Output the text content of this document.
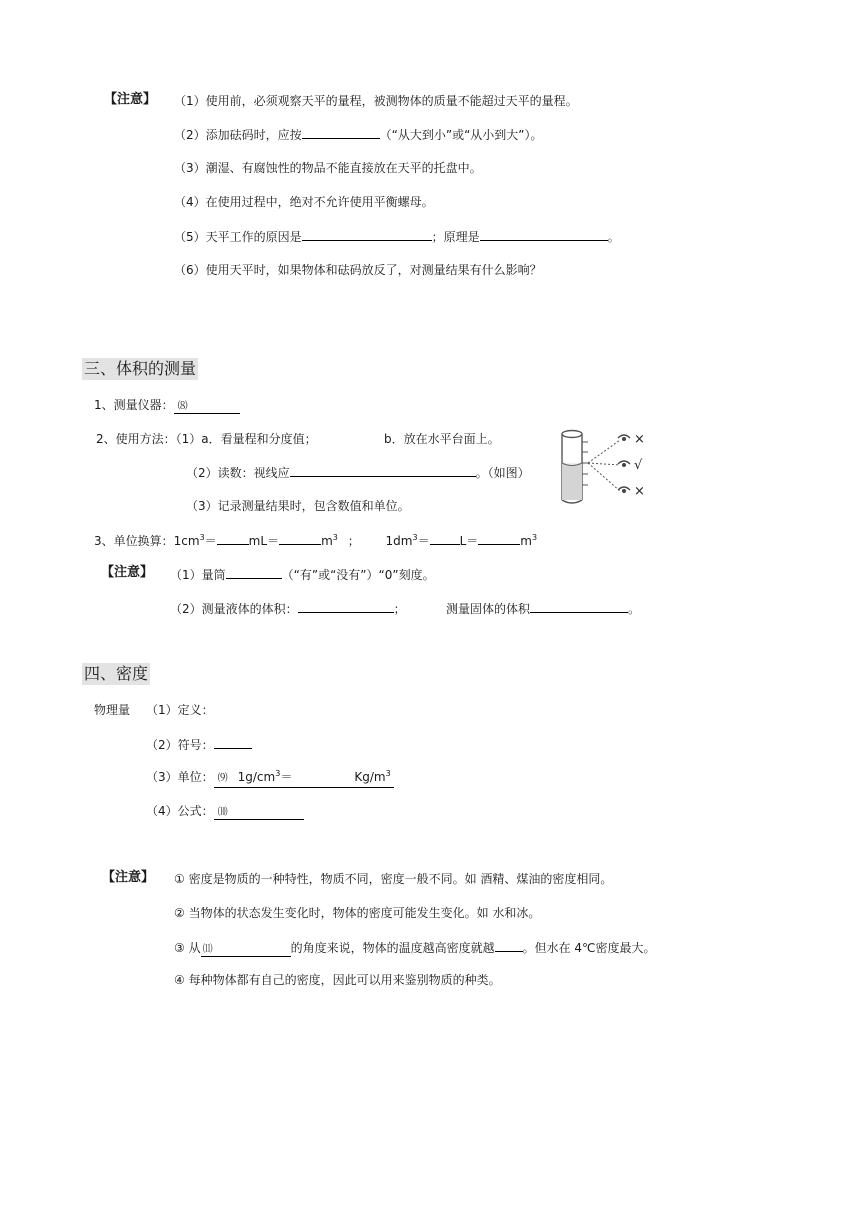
【注意】 （1）使用前，必须观察天平的量程，被测物体的质量不能超过天平的量程。
（2）添加砝码时，应按	（“从大到小”或“从小到大”）。
（3）潮湿、有腐蚀性的物品不能直接放在天平的托盘中。
（4）在使用过程中，绝对不允许使用平衡螺母。
（5）天平工作的原因是	；原理是	。
（6）使用天平时，如果物体和砝码放反了，对测量结果有什么影响？
三、体积的测量
1、测量仪器： ⑻
2、使用方法：（1）a．看量程和分度值；	b．放在水平台面上。
（2）读数：视线应	。（如图）
（3）记录测量结果时，包含数值和单位。
×
√
×
3、单位换算：$1cm^3=$	mL＝	$m^3$ ； $1dm^3=$	L＝	$m^3$
【注意】 （1）量筒	（“有”或“没有”）“0”刻度。
（2）测量液体的体积：	；	测量固体的体积	。
四、密度
物理量 （1）定义：
（2）符号：
（3）单位： ⑼ $1g/cm^3=$	$Kg/m^3$
（4）公式： ⑽
【注意】 ① 密度是物质的一种特性，物质不同，密度一般不同。如 酒精、煤油的密度相同。
② 当物体的状态发生变化时，物体的密度可能发生变化。如 水和冰。
③ 从 ⑾	的角度来说，物体的温度越高密度就越 。但水在 4℃密度最大。
④ 每种物体都有自己的密度，因此可以用来鉴别物质的种类。
